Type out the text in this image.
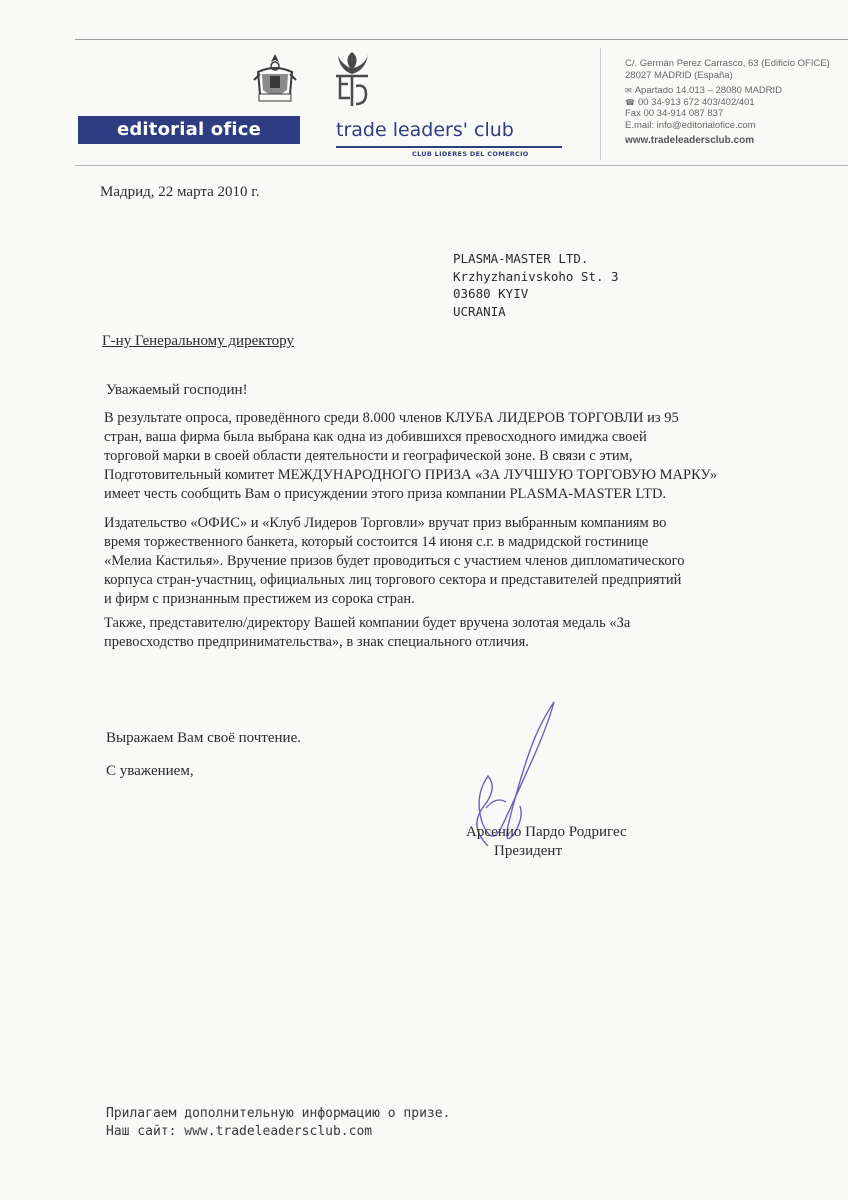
editorial ofice	trade leaders' club
CLUB LIDERES DEL COMERCIO
C/. Germán Perez Carrasco, 63 (Edificio OFICE)
28027 MADRID (España)
✉ Apartado 14.013 – 28080 MADRID
☎ 00 34-913 672 403/402/401
Fax 00 34-914 087 837
E.mail: info@editorialofice.com
www.tradeleadersclub.com
Мадрид, 22 марта 2010 г.
PLASMA-MASTER LTD.
Krzhyzhanivskoho St. 3
03680 KYIV
UCRANIA
Г-ну Генеральному директору
Уважаемый господин!
В результате опроса, проведённого среди 8.000 членов КЛУБА ЛИДЕРОВ ТОРГОВЛИ из 95
стран, ваша фирма была выбрана как одна из добившихся превосходного имиджа своей
торговой марки в своей области деятельности и географической зоне. В связи с этим,
Подготовительный комитет МЕЖДУНАРОДНОГО ПРИЗА «ЗА ЛУЧШУЮ ТОРГОВУЮ МАРКУ»
имеет честь сообщить Вам о присуждении этого приза компании PLASMA-MASTER LTD.
Издательство «ОФИС» и «Клуб Лидеров Торговли» вручат приз выбранным компаниям во
время торжественного банкета, который состоится 14 июня с.г. в мадридской гостинице
«Мелиа Кастилья». Вручение призов будет проводиться с участием членов дипломатического
корпуса стран-участниц, официальных лиц торгового сектора и представителей предприятий
и фирм с признанным престижем из сорока стран.
Также, представителю/директору Вашей компании будет вручена золотая медаль «За
превосходство предпринимательства», в знак специального отличия.
Выражаем Вам своё почтение.
С уважением,
Арсенио Пардо Родригес
Президент
Прилагаем дополнительную информацию о призе.
Наш сайт: www.tradeleadersclub.com
